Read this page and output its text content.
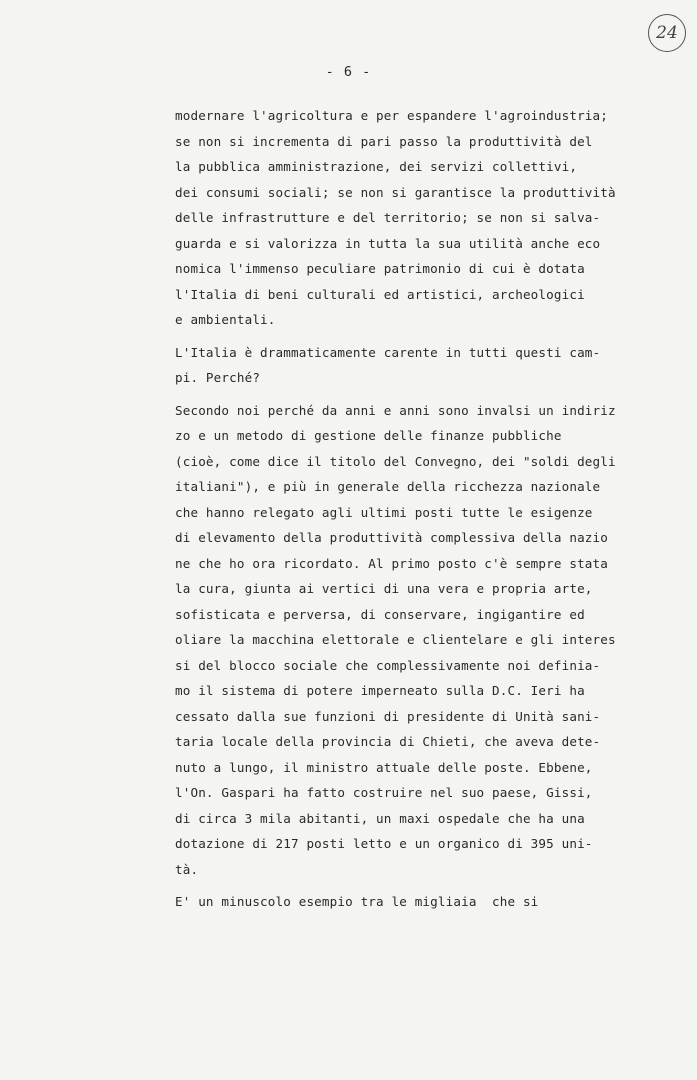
24
- 6 -
modernare l'agricoltura e per espandere l'agroindustria;
se non si incrementa di pari passo la produttività del
la pubblica amministrazione, dei servizi collettivi,
dei consumi sociali; se non si garantisce la produttività
delle infrastrutture e del territorio; se non si salva-
guarda e si valorizza in tutta la sua utilità anche eco
nomica l'immenso peculiare patrimonio di cui è dotata
l'Italia di beni culturali ed artistici, archeologici
e ambientali.
L'Italia è drammaticamente carente in tutti questi cam-
pi. Perché?
Secondo noi perché da anni e anni sono invalsi un indiriz
zo e un metodo di gestione delle finanze pubbliche
(cioè, come dice il titolo del Convegno, dei "soldi degli
italiani"), e più in generale della ricchezza nazionale
che hanno relegato agli ultimi posti tutte le esigenze
di elevamento della produttività complessiva della nazio
ne che ho ora ricordato. Al primo posto c'è sempre stata
la cura, giunta ai vertici di una vera e propria arte,
sofisticata e perversa, di conservare, ingigantire ed
oliare la macchina elettorale e clientelare e gli interes
si del blocco sociale che complessivamente noi definia-
mo il sistema di potere imperneato sulla D.C. Ieri ha
cessato dalla sue funzioni di presidente di Unità sani-
taria locale della provincia di Chieti, che aveva dete-
nuto a lungo, il ministro attuale delle poste. Ebbene,
l'On. Gaspari ha fatto costruire nel suo paese, Gissi,
di circa 3 mila abitanti, un maxi ospedale che ha una
dotazione di 217 posti letto e un organico di 395 uni-
tà.
E' un minuscolo esempio tra le migliaia  che si
